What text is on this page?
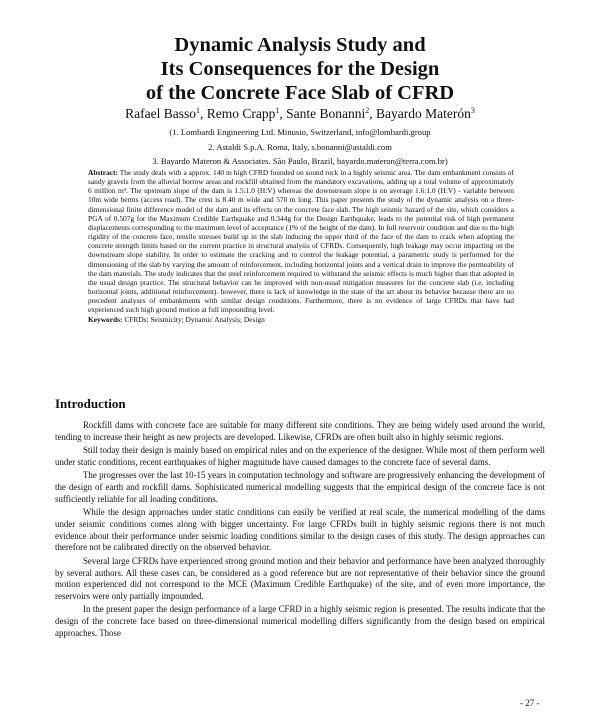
Dynamic Analysis Study and
Its Consequences for the Design
of the Concrete Face Slab of CFRD
Rafael Basso$^1$, Remo Crapp$^1$, Sante Bonanni$^2$, Bayardo Materón$^3$
(1. Lombardi Engineering Ltd. Minusio, Switzerland, info@lombardi.group
2. Astaldi S.p.A. Roma, Italy, s.bonanni@astaldi.com
3. Bayardo Materon & Associates. São Paulo, Brazil, bayardo.materon@terra.com.br)
Abstract: The study deals with a approx. 140 m high CFRD founded on sound rock in a highly seismic area. The dam embankment consists of sandy gravels from the alluvial borrow areas and rockfill obtained from the mandatory excavations, adding up a total volume of approximately 6 million m³. The upstream slope of the dam is 1.5:1.0 (H:V) whereas the downstream slope is on average 1.6:1.0 (H:V) - variable between 10m wide berms (access road). The crest is 8.40 m wide and 570 m long. This paper presents the study of the dynamic analysis on a three-dimensional finite difference model of the dam and its effects on the concrete face slab. The high seismic hazard of the site, which considers a PGA of 0.507g for the Maximum Credible Earthquake and 0.344g for the Design Earthquake, leads to the potential risk of high permanent displacements corresponding to the maximum level of acceptance (1% of the height of the dam). In full reservoir condition and due to the high rigidity of the concrete face, tensile stresses build up in the slab inducing the upper third of the face of the dam to crack when adopting the concrete strength limits based on the current practice in structural analysis of CFRDs. Consequently, high leakage may occur impacting on the downstream slope stability. In order to estimate the cracking and to control the leakage potential, a parametric study is performed for the dimensioning of the slab by varying the amount of reinforcement, including horizontal joints and a vertical drain to improve the permeability of the dam materials. The study indicates that the steel reinforcement required to withstand the seismic effects is much higher than that adopted in the usual design practice. The structural behavior can be improved with non-usual mitigation measures for the concrete slab (i.e. including horizontal joints, additional reinforcement). however, there is lack of knowledge in the state of the art about its behavior because there are no precedent analyses of embankments with similar design conditions. Furthermore, there is no evidence of large CFRDs that have had experienced such high ground motion at full impounding level.
Keywords: CFRDs; Seismicity; Dynamic Analysis; Design
Introduction

Rockfill dams with concrete face are suitable for many different site conditions. They are being widely used around the world, tending to increase their height as new projects are developed. Likewise, CFRDs are often built also in highly seismic regions.

Still today their design is mainly based on empirical rules and on the experience of the designer. While most of them perform well under static conditions, recent earthquakes of higher magnitude have caused damages to the concrete face of several dams.

The progresses over the last 10-15 years in computation technology and software are progressively enhancing the development of the design of earth and rockfill dams. Sophisticated numerical modelling suggests that the empirical design of the concrete face is not sufficiently reliable for all loading conditions.

While the design approaches under static conditions can easily be verified at real scale, the numerical modelling of the dams under seismic conditions comes along with bigger uncertainty. For large CFRDs built in highly seismic regions there is not much evidence about their performance under seismic loading conditions similar to the design cases of this study. The design approaches can therefore not be calibrated directly on the observed behavior.

Several large CFRDs have experienced strong ground motion and their behavior and performance have been analyzed thoroughly by several authors. All these cases can, be considered as a good reference but are not representative of their behavior since the ground motion experienced did not correspond to the MCE (Maximum Credible Earthquake) of the site, and of even more importance, the reservoirs were only partially impounded.

In the present paper the design performance of a large CFRD in a highly seismic region is presented. The results indicate that the design of the concrete face based on three-dimensional numerical modelling differs significantly from the design based on empirical approaches. Those

- 27 -
